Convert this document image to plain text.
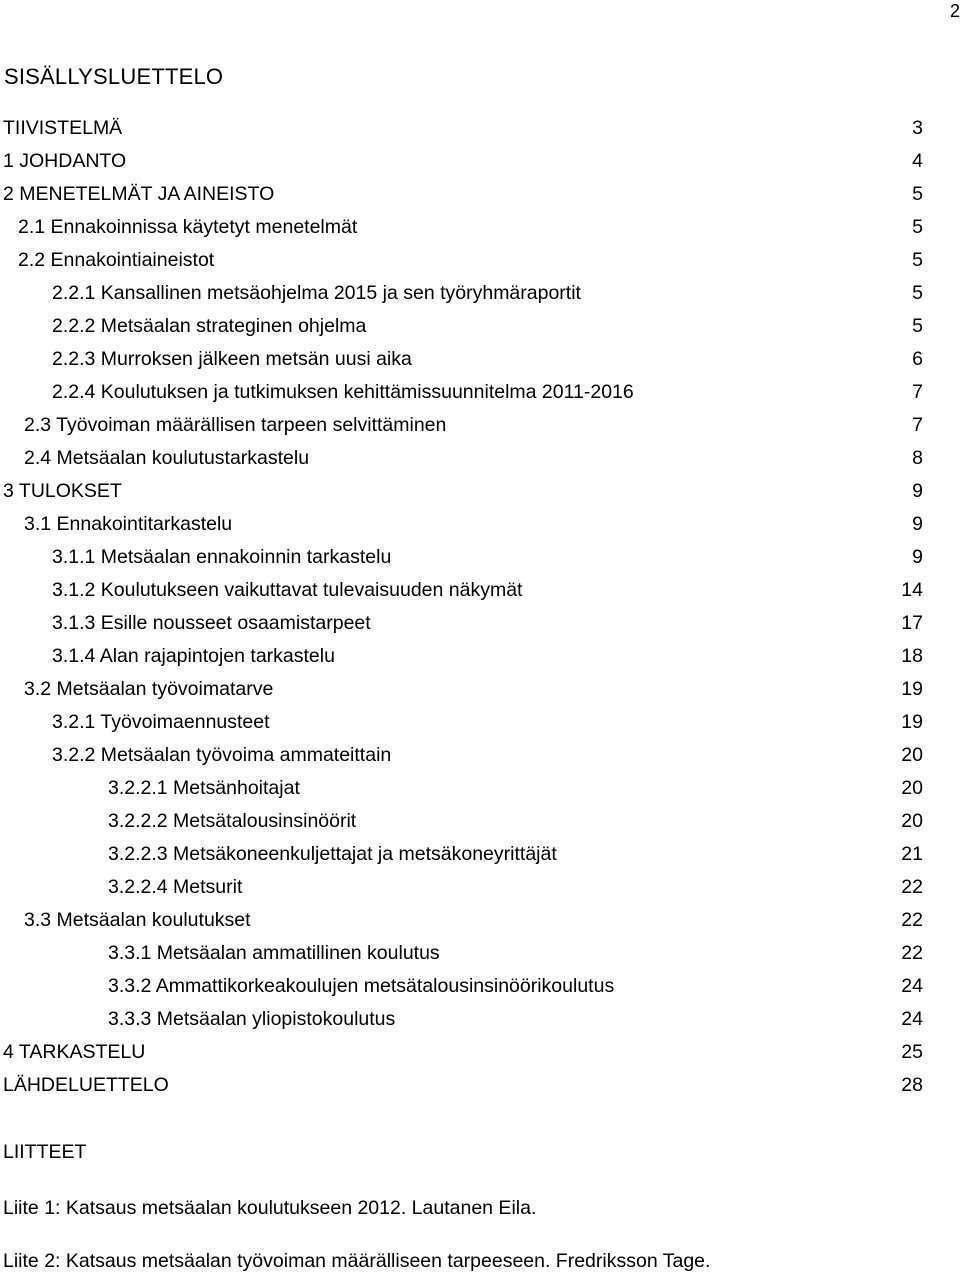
2
SISÄLLYSLUETTELO
TIIVISTELMÄ	3
1 JOHDANTO	4
2 MENETELMÄT JA AINEISTO	5
2.1 Ennakoinnissa käytetyt menetelmät	5
2.2 Ennakointiaineistot	5
2.2.1 Kansallinen metsäohjelma 2015 ja sen työryhmäraportit	5
2.2.2 Metsäalan strateginen ohjelma	5
2.2.3 Murroksen jälkeen metsän uusi aika	6
2.2.4 Koulutuksen ja tutkimuksen kehittämissuunnitelma 2011-2016	7
2.3 Työvoiman määrällisen tarpeen selvittäminen	7
2.4 Metsäalan koulutustarkastelu	8
3 TULOKSET	9
3.1 Ennakointitarkastelu	9
3.1.1 Metsäalan ennakoinnin tarkastelu	9
3.1.2 Koulutukseen vaikuttavat tulevaisuuden näkymät	14
3.1.3 Esille nousseet osaamistarpeet	17
3.1.4 Alan rajapintojen tarkastelu	18
3.2 Metsäalan työvoimatarve	19
3.2.1 Työvoimaennusteet	19
3.2.2 Metsäalan työvoima ammateittain	20
3.2.2.1 Metsänhoitajat	20
3.2.2.2 Metsätalousinsinöörit	20
3.2.2.3 Metsäkoneenkuljettajat ja metsäkoneyrittäjät	21
3.2.2.4 Metsurit	22
3.3 Metsäalan koulutukset	22
3.3.1 Metsäalan ammatillinen koulutus	22
3.3.2 Ammattikorkeakoulujen metsätalousinsinöörikoulutus	24
3.3.3 Metsäalan yliopistokoulutus	24
4 TARKASTELU	25
LÄHDELUETTELO	28
LIITTEET
Liite 1: Katsaus metsäalan koulutukseen 2012. Lautanen Eila.
Liite 2: Katsaus metsäalan työvoiman määrälliseen tarpeeseen. Fredriksson Tage.
